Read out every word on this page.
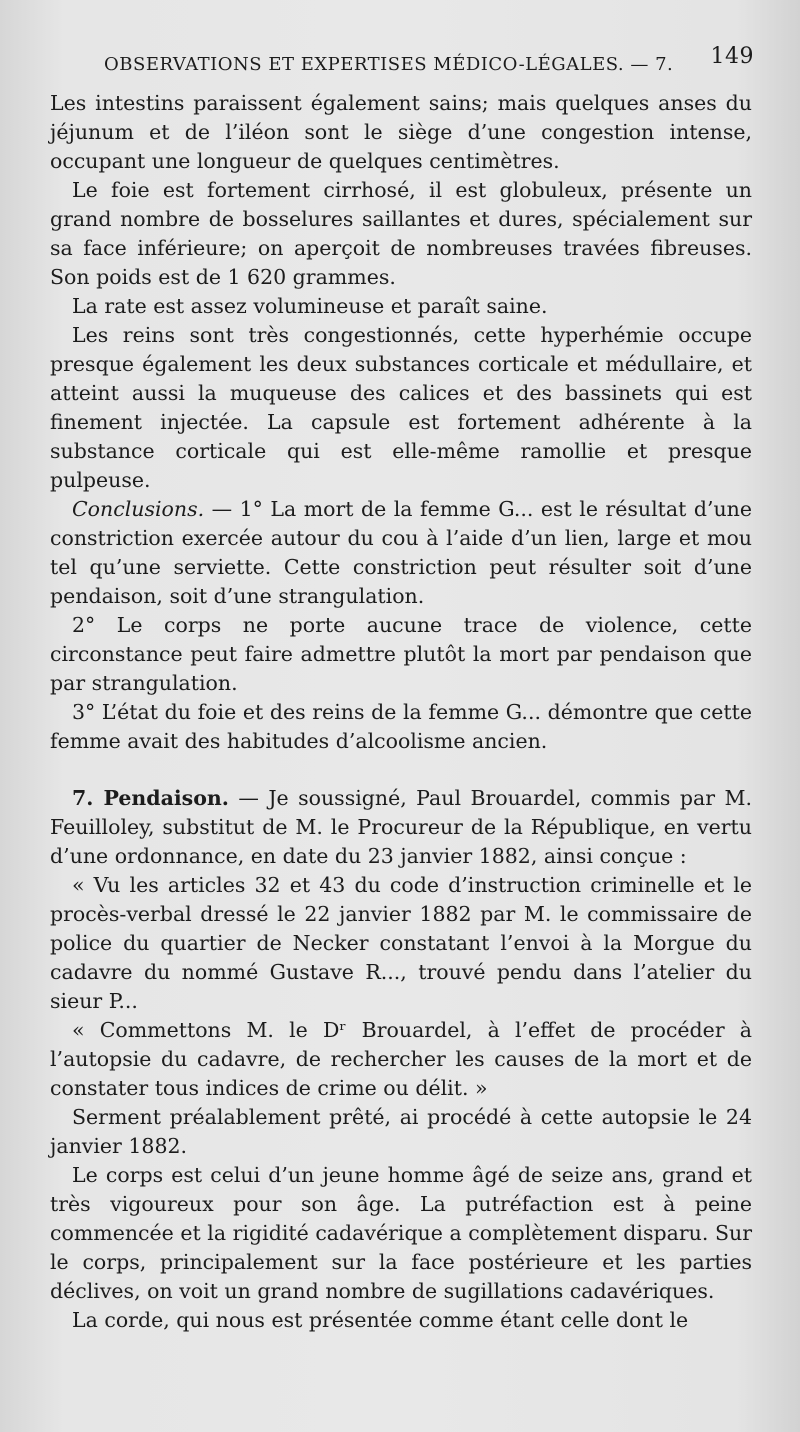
OBSERVATIONS ET EXPERTISES MÉDICO-LÉGALES. — 7. 149

Les intestins paraissent également sains; mais quelques anses du jéjunum et de l’iléon sont le siège d’une congestion intense, occupant une longueur de quelques centimètres.

Le foie est fortement cirrhosé, il est globuleux, présente un grand nombre de bosselures saillantes et dures, spécialement sur sa face inférieure; on aperçoit de nombreuses travées fibreuses. Son poids est de 1 620 grammes.

La rate est assez volumineuse et paraît saine.

Les reins sont très congestionnés, cette hyperhémie occupe presque également les deux substances corticale et médullaire, et atteint aussi la muqueuse des calices et des bassinets qui est finement injectée. La capsule est fortement adhérente à la substance corticale qui est elle-même ramollie et presque pulpeuse.

Conclusions. — 1° La mort de la femme G... est le résultat d’une constriction exercée autour du cou à l’aide d’un lien, large et mou tel qu’une serviette. Cette constriction peut résulter soit d’une pendaison, soit d’une strangulation.

2° Le corps ne porte aucune trace de violence, cette circonstance peut faire admettre plutôt la mort par pendaison que par strangulation.

3° L’état du foie et des reins de la femme G... démontre que cette femme avait des habitudes d’alcoolisme ancien.

7. Pendaison. — Je soussigné, Paul Brouardel, commis par M. Feuilloley, substitut de M. le Procureur de la République, en vertu d’une ordonnance, en date du 23 janvier 1882, ainsi conçue :

« Vu les articles 32 et 43 du code d’instruction criminelle et le procès-verbal dressé le 22 janvier 1882 par M. le commissaire de police du quartier de Necker constatant l’envoi à la Morgue du cadavre du nommé Gustave R..., trouvé pendu dans l’atelier du sieur P...

« Commettons M. le Dʳ Brouardel, à l’effet de procéder à l’autopsie du cadavre, de rechercher les causes de la mort et de constater tous indices de crime ou délit. »

Serment préalablement prêté, ai procédé à cette autopsie le 24 janvier 1882.

Le corps est celui d’un jeune homme âgé de seize ans, grand et très vigoureux pour son âge. La putréfaction est à peine commencée et la rigidité cadavérique a complètement disparu. Sur le corps, principalement sur la face postérieure et les parties déclives, on voit un grand nombre de sugillations cadavériques.

La corde, qui nous est présentée comme étant celle dont le
